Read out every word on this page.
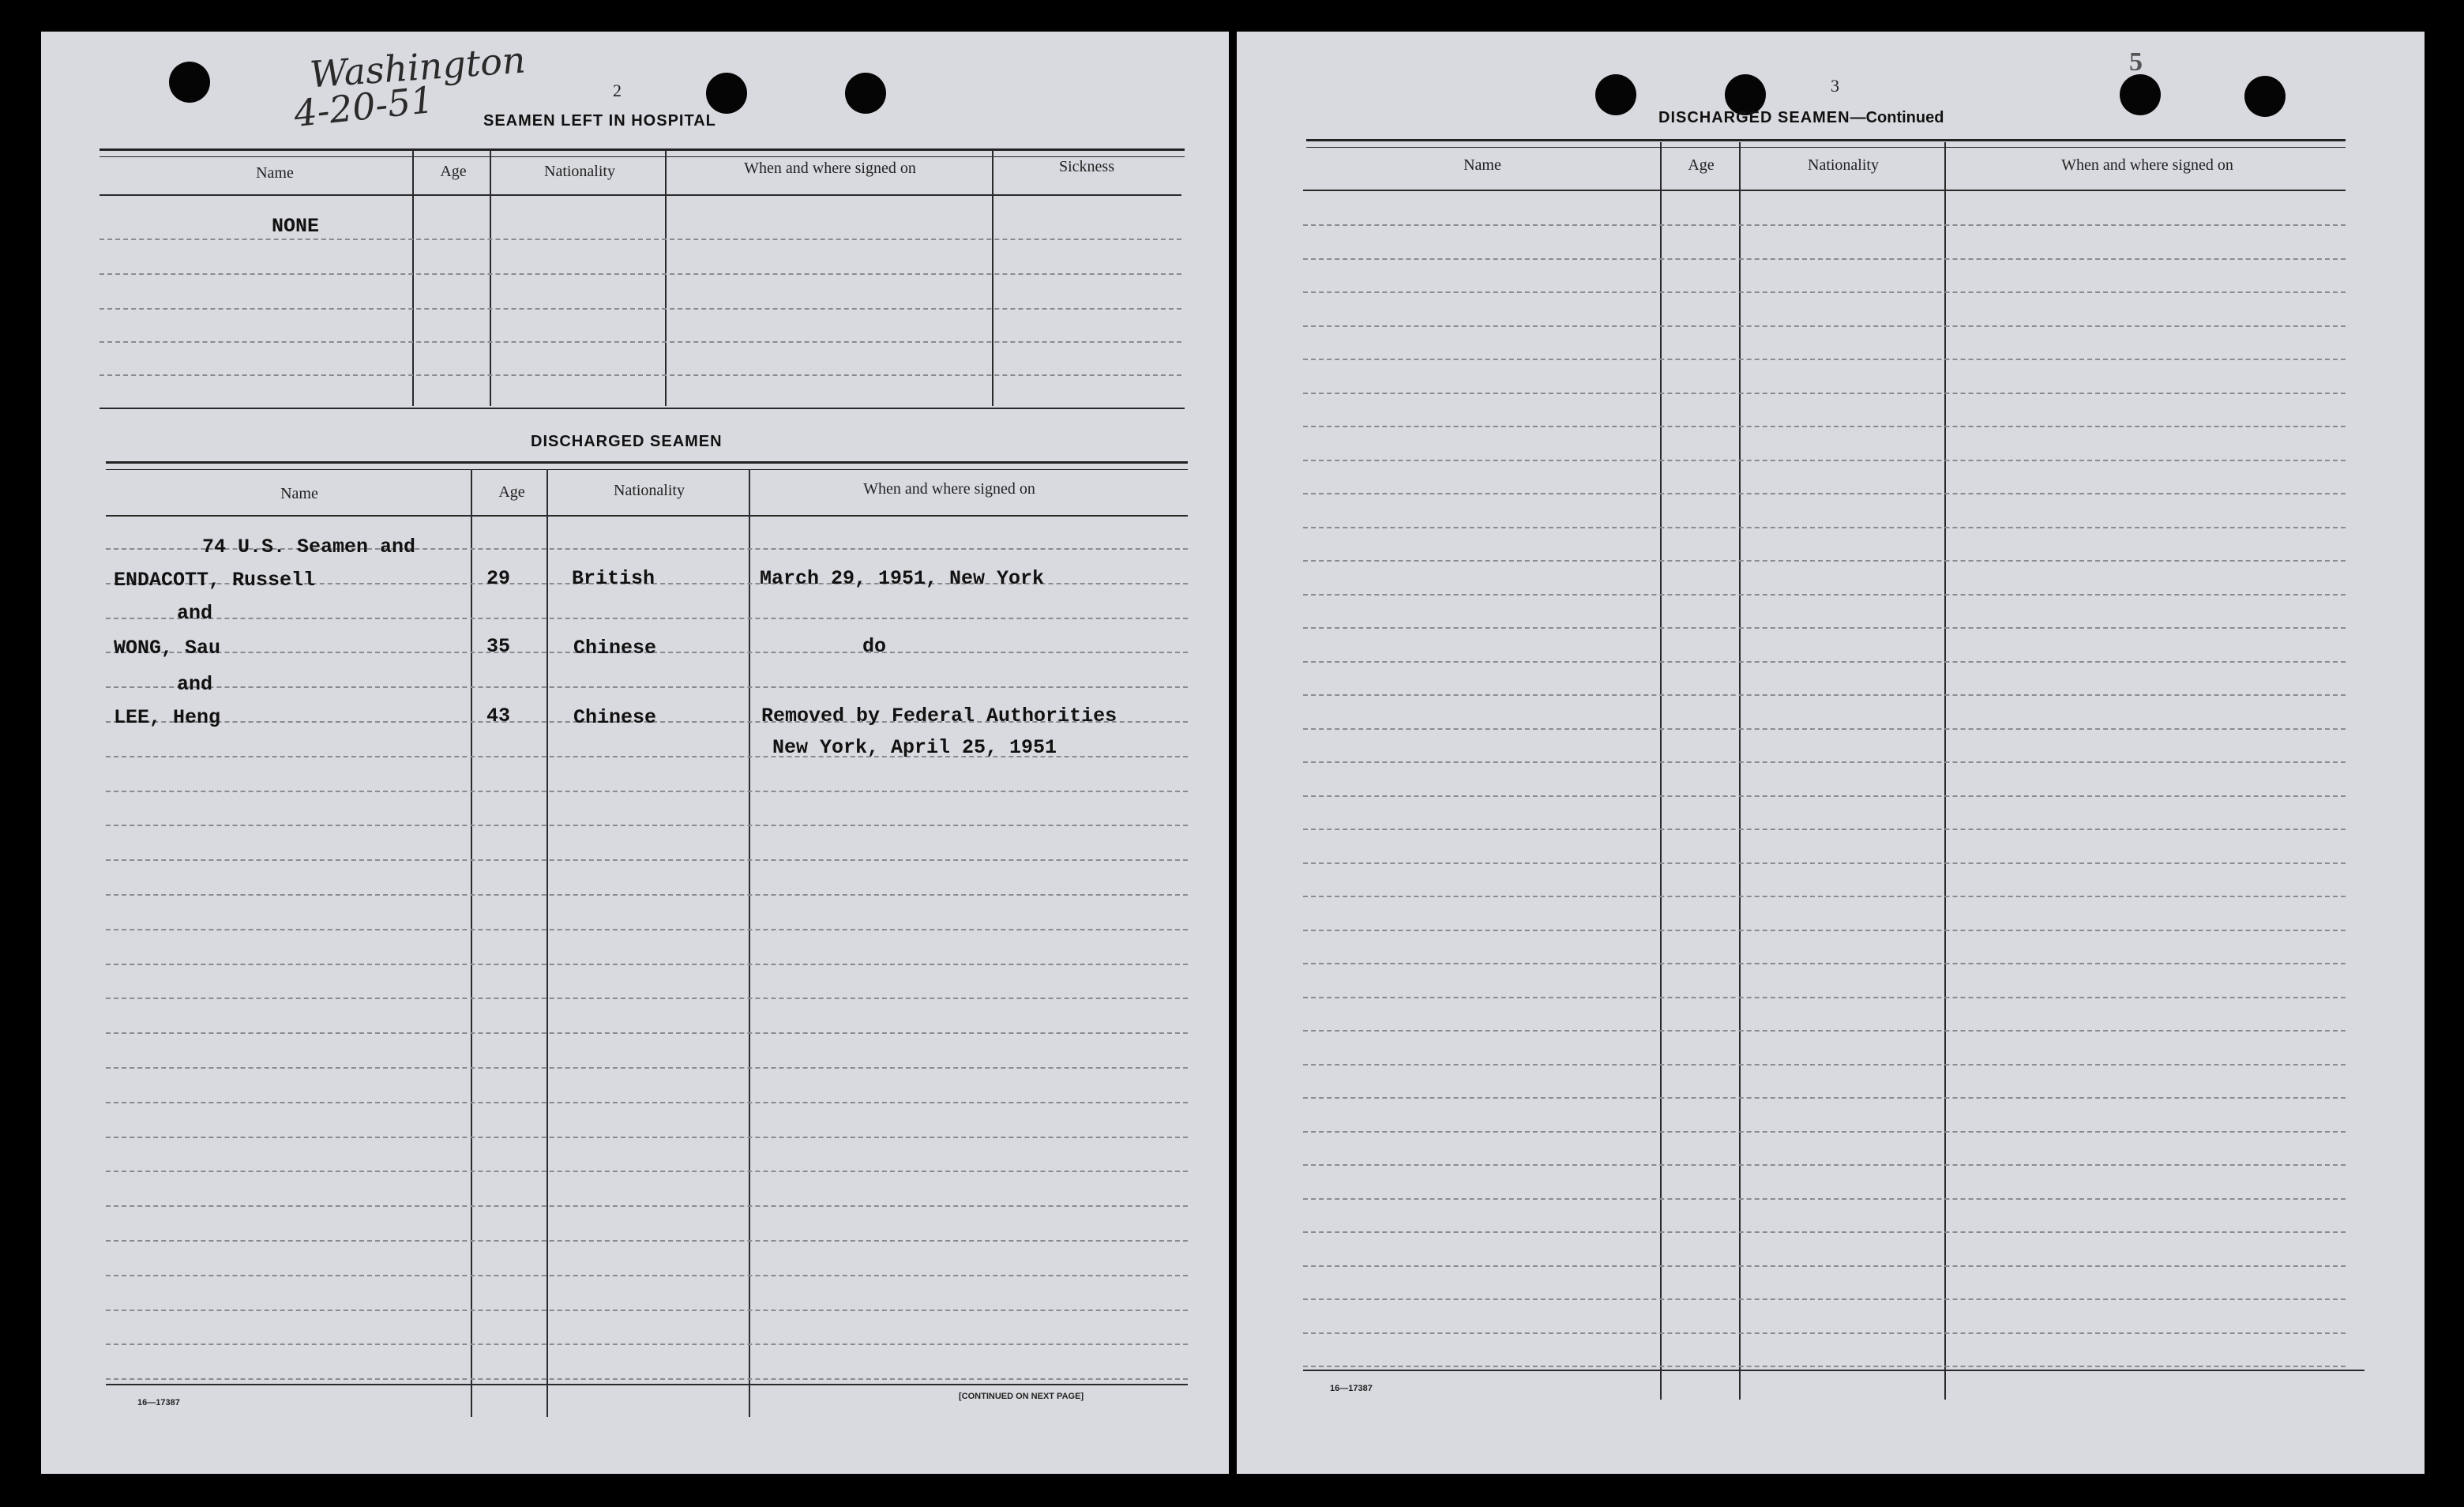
Washington
4-20-51	2
SEAMEN LEFT IN HOSPITAL
Name	Age	Nationality	When and where signed on	Sickness
NONE
DISCHARGED SEAMEN
Name	Age	Nationality	When and where signed on
74 U.S. Seamen and
ENDACOTT, Russell	29	British	March 29, 1951, New York
and
WONG, Sau	35	Chinese	do
and
LEE, Heng	43	Chinese	Removed by Federal Authorities
New York, April 25, 1951
16—17387
[CONTINUED ON NEXT PAGE]
5
3
DISCHARGED SEAMEN—Continued
Name	Age	Nationality	When and where signed on
16—17387
